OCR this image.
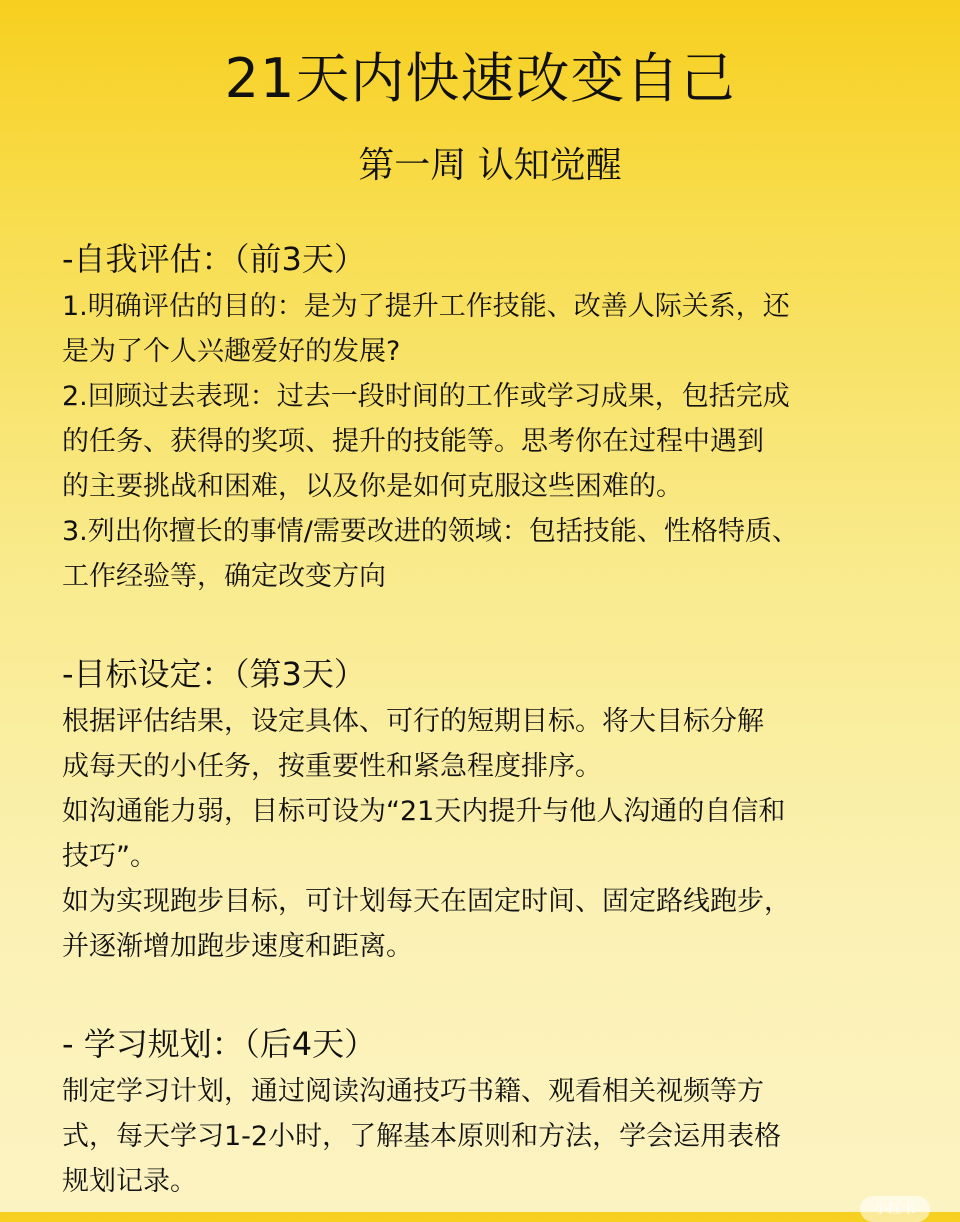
21天内快速改变自己
第一周 认知觉醒
-自我评估：（前3天）
1.明确评估的目的：是为了提升工作技能、改善人际关系，还
是为了个人兴趣爱好的发展?
2.回顾过去表现：过去一段时间的工作或学习成果，包括完成
的任务、获得的奖项、提升的技能等。思考你在过程中遇到
的主要挑战和困难，以及你是如何克服这些困难的。
3.列出你擅长的事情/需要改进的领域：包括技能、性格特质、
工作经验等，确定改变方向
-目标设定：（第3天）
根据评估结果，设定具体、可行的短期目标。将大目标分解
成每天的小任务，按重要性和紧急程度排序。
如沟通能力弱，目标可设为“21天内提升与他人沟通的自信和
技巧”。
如为实现跑步目标，可计划每天在固定时间、固定路线跑步，
并逐渐增加跑步速度和距离。
- 学习规划：（后4天）
制定学习计划，通过阅读沟通技巧书籍、观看相关视频等方
式，每天学习1-2小时，了解基本原则和方法，学会运用表格
规划记录。
小红书
